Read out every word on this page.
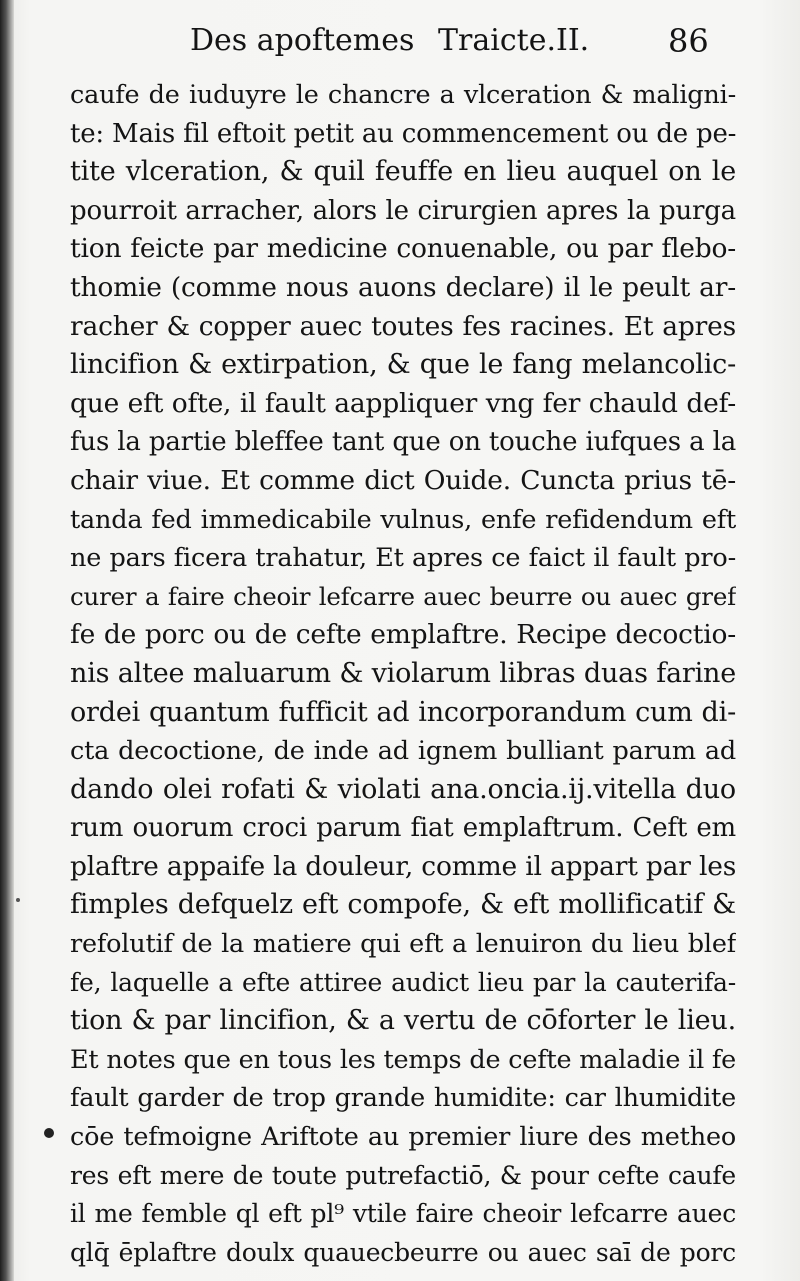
Des apoftemes Traicte.II. 86
caufe de iuduyre le chancre a vlceration & maligni-
te: Mais fil eftoit petit au commencement ou de pe-
tite vlceration, & quil feuffe en lieu auquel on le
pourroit arracher, alors le cirurgien apres la purga
tion feicte par medicine conuenable, ou par flebo-
thomie (comme nous auons declare) il le peult ar-
racher & copper auec toutes fes racines. Et apres
lincifion & extirpation, & que le fang melancolic-
que eft ofte, il fault aappliquer vng fer chauld def-
fus la partie bleffee tant que on touche iufques a la
chair viue. Et comme dict Ouide. Cuncta prius tē-
tanda fed immedicabile vulnus, enfe refidendum eft
ne pars ficera trahatur, Et apres ce faict il fault pro-
curer a faire cheoir lefcarre auec beurre ou auec gref
fe de porc ou de cefte emplaftre. Recipe decoctio-
nis altee maluarum & violarum libras duas farine
ordei quantum fufficit ad incorporandum cum di-
cta decoctione, de inde ad ignem bulliant parum ad
dando olei rofati & violati ana.oncia.ij.vitella duo
rum ouorum croci parum fiat emplaftrum. Ceft em
plaftre appaife la douleur, comme il appart par les
fimples defquelz eft compofe, & eft mollificatif &
refolutif de la matiere qui eft a lenuiron du lieu blef
fe, laquelle a efte attiree audict lieu par la cauterifa-
tion & par lincifion, & a vertu de cōforter le lieu.
Et notes que en tous les temps de cefte maladie il fe
fault garder de trop grande humidite: car lhumidite
cōe tefmoigne Ariftote au premier liure des metheo
res eft mere de toute putrefactiō, & pour cefte caufe
il me femble ql eft pl⁹ vtile faire cheoir lefcarre auec
qlq̄ ēplaftre doulx quauecbeurre ou auec saī de porc
